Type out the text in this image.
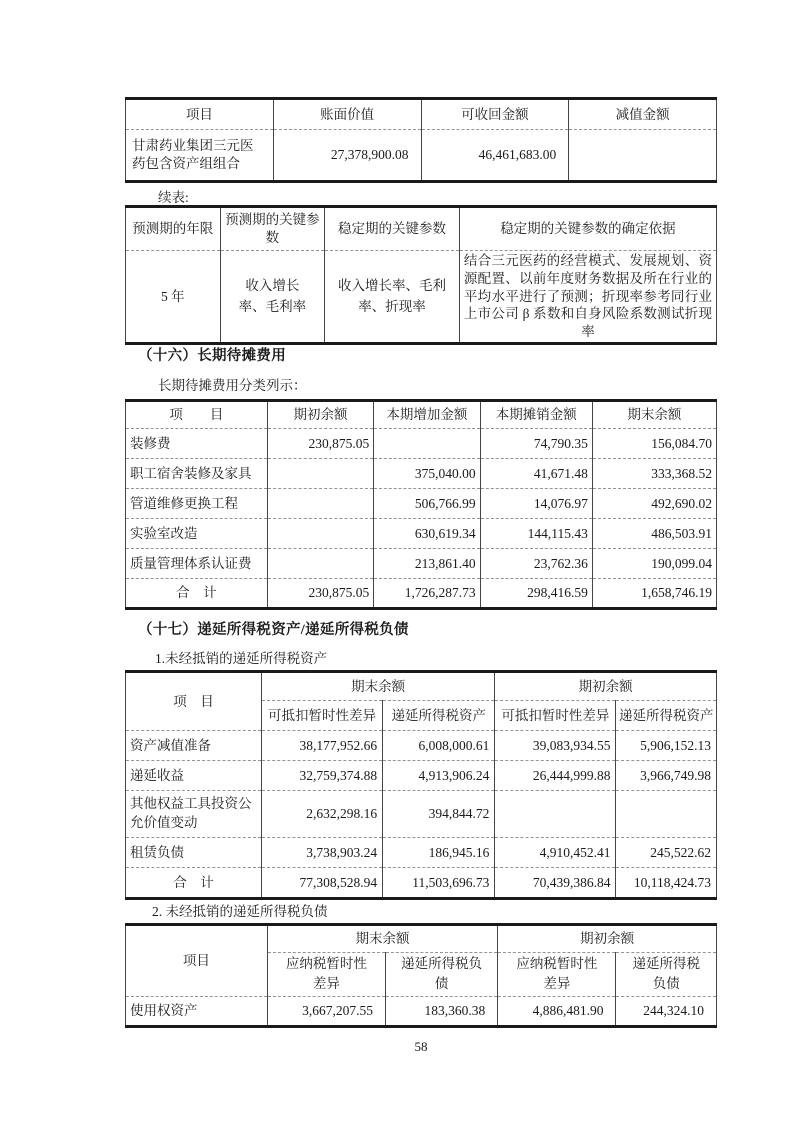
项目	账面价值	可收回金额	减值金额
甘肃药业集团三元医药包含资产组组合	27,378,900.08	46,461,683.00	
续表:
预测期的年限	预测期的关键参数	稳定期的关键参数	稳定期的关键参数的确定依据
5 年	收入增长率、毛利率	收入增长率、毛利率、折现率	结合三元医药的经营模式、发展规划、资源配置、以前年度财务数据及所在行业的平均水平进行了预测；折现率参考同行业上市公司 β 系数和自身风险系数测试折现率
（十六）长期待摊费用
长期待摊费用分类列示：
项　　目	期初余额	本期增加金额	本期摊销金额	期末余额
装修费	230,875.05		74,790.35	156,084.70
职工宿舍装修及家具		375,040.00	41,671.48	333,368.52
管道维修更换工程		506,766.99	14,076.97	492,690.02
实验室改造		630,619.34	144,115.43	486,503.91
质量管理体系认证费		213,861.40	23,762.36	190,099.04
合　计	230,875.05	1,726,287.73	298,416.59	1,658,746.19
（十七）递延所得税资产/递延所得税负债
1.未经抵销的递延所得税资产
项　目	期末余额		期初余额	
	可抵扣暂时性差异	递延所得税资产	可抵扣暂时性差异	递延所得税资产
资产减值准备	38,177,952.66	6,008,000.61	39,083,934.55	5,906,152.13
递延收益	32,759,374.88	4,913,906.24	26,444,999.88	3,966,749.98
其他权益工具投资公允价值变动	2,632,298.16	394,844.72		
租赁负债	3,738,903.24	186,945.16	4,910,452.41	245,522.62
合　计	77,308,528.94	11,503,696.73	70,439,386.84	10,118,424.73
2. 未经抵销的递延所得税负债
项目	期末余额		期初余额	
	应纳税暂时性差异	递延所得税负债	应纳税暂时性差异	递延所得税负债
使用权资产	3,667,207.55	183,360.38	4,886,481.90	244,324.10
58
